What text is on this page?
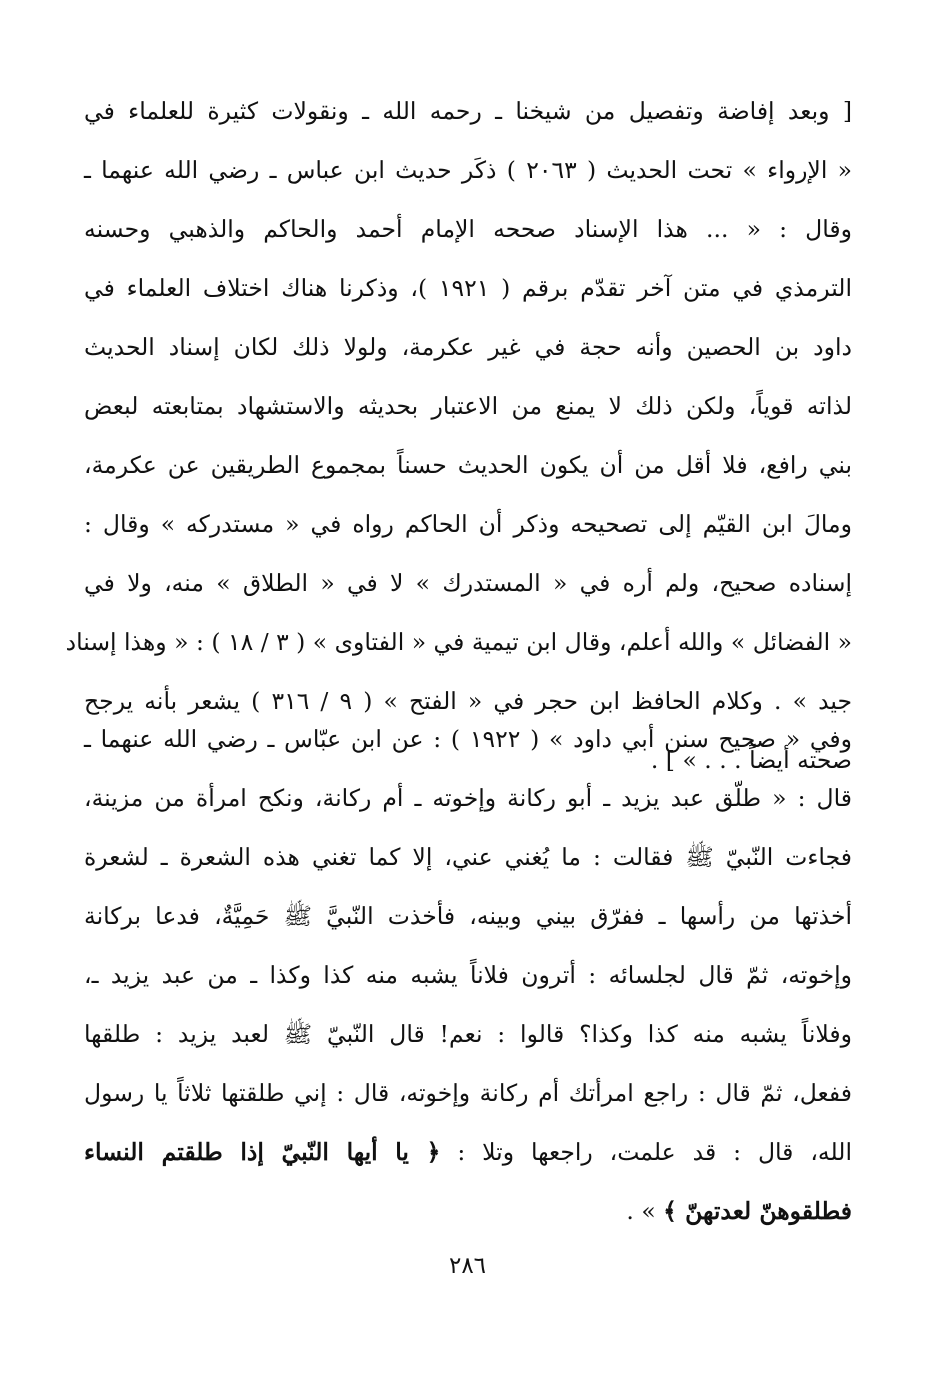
[ وبعد إفاضة وتفصيل من شيخنا ـ رحمه الله ـ ونقولات كثيرة للعلماء في
« الإرواء » تحت الحديث ( ٢٠٦٣ ) ذكَر حديث ابن عباس ـ رضي الله عنهما ـ
وقال : « ... هذا الإسناد صححه الإمام أحمد والحاكم والذهبي وحسنه
الترمذي في متن آخر تقدّم برقم ( ١٩٢١ )، وذكرنا هناك اختلاف العلماء في
داود بن الحصين وأنه حجة في غير عكرمة، ولولا ذلك لكان إسناد الحديث
لذاته قوياً، ولكن ذلك لا يمنع من الاعتبار بحديثه والاستشهاد بمتابعته لبعض
بني رافع، فلا أقل من أن يكون الحديث حسناً بمجموع الطريقين عن عكرمة،
ومالَ ابن القيّم إلى تصحيحه وذكر أن الحاكم رواه في « مستدركه » وقال :
إسناده صحيح، ولم أره في « المستدرك » لا في « الطلاق » منه، ولا في
« الفضائل » والله أعلم، وقال ابن تيمية في « الفتاوى » ( ٣ / ١٨ ) : « وهذا إسناد
جيد » . وكلام الحافظ ابن حجر في « الفتح » ( ٩ / ٣١٦ ) يشعر بأنه يرجح
صحته أيضاً . . . » ] .
وفي « صحيح سنن أبي داود » ( ١٩٢٢ ) : عن ابن عبّاس ـ رضي الله عنهما ـ
قال : « طلّق عبد يزيد ـ أبو ركانة وإخوته ـ أم ركانة، ونكح امرأة من مزينة،
فجاءت النّبيّ ﷺ فقالت : ما يُغني عني، إلا كما تغني هذه الشعرة ـ لشعرة
أخذتها من رأسها ـ ففرّق بيني وبينه، فأخذت النّبيَّ ﷺ حَمِيَّةٌ، فدعا بركانة
وإخوته، ثمّ قال لجلسائه : أترون فلاناً يشبه منه كذا وكذا ـ من عبد يزيد ـ،
وفلاناً يشبه منه كذا وكذا؟ قالوا : نعم! قال النّبيّ ﷺ لعبد يزيد : طلقها
ففعل، ثمّ قال : راجع امرأتك أم ركانة وإخوته، قال : إني طلقتها ثلاثاً يا رسول
الله، قال : قد علمت، راجعها وتلا : ﴿ يا أيها النّبيّ إذا طلقتم النساء
فطلقوهنّ لعدتهنّ ﴾ » .
٢٨٦
